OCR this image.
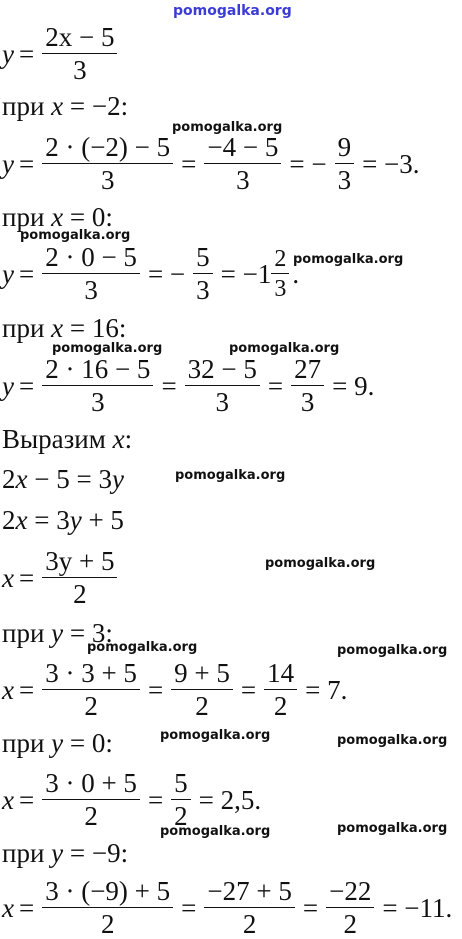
pomogalka.org
pomogalka.org
pomogalka.org
pomogalka.org
pomogalka.org	pomogalka.org
pomogalka.org
pomogalka.org
pomogalka.org	pomogalka.org
pomogalka.org	pomogalka.org
pomogalka.org	pomogalka.org
$y = \frac{2x - 5}{3}$
при x = −2:
$y = \frac{2 \cdot (-2) - 5}{3} = \frac{-4 - 5}{3}$ = − $\frac{9}{3} = -3$.
при x = 0:
$y = \frac{2 \cdot 0 - 5}{3}$ = − $\frac{5}{3} = -1 \frac{2}{3}$ .
при x = 16:
$y = \frac{2 \cdot 16 - 5}{3} = \frac{32 - 5}{3} = \frac{27}{3} = 9$.
Выразим x :
2 x − 5 = 3 y
2 x = 3 y + 5
$x = \frac{3y + 5}{2}$
при y = 3:
$x = \frac{3 \cdot 3 + 5}{2} = \frac{9 + 5}{2} = \frac{14}{2} = 7$.
при y = 0:
$x = \frac{3 \cdot 0 + 5}{2} = \frac{5}{2} = 2,5$.
при y = −9:
$x = \frac{3 \cdot (-9) + 5}{2} = \frac{-27 + 5}{2} = \frac{-22}{2} = -11$.
